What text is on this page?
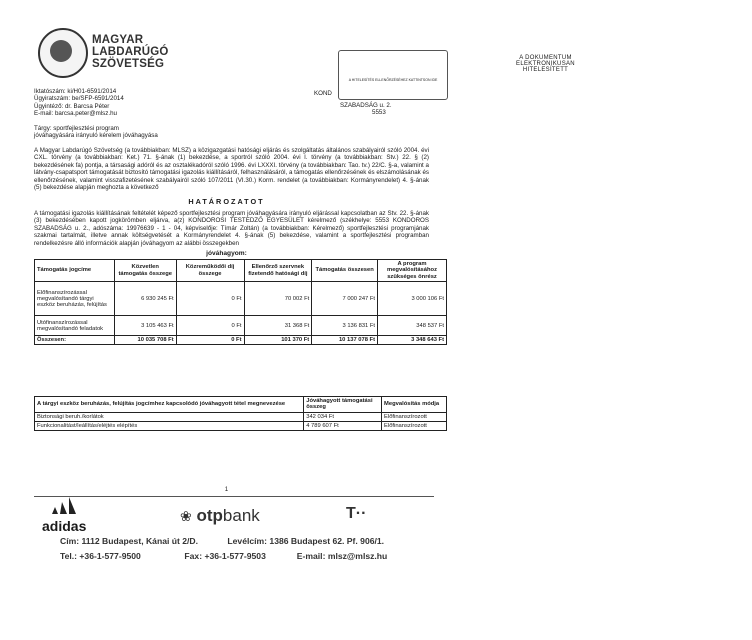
MAGYAR
LABDARÚGÓ
SZÖVETSÉG	A DOKUMENTUM
ELEKTRONIKUSAN
HITELESÍTETT
A HITELESÍTÉS ELLENŐRZÉSÉHEZ KATTINTSON IDE
Iktatószám: ki/H01-6591/2014
Ügyiratszám: be/SFP-6591/2014
Ügyintéző: dr. Barcsa Péter
E-mail: barcsa.peter@mlsz.hu
KOND
SZABADSÁG u. 2.
5553
Tárgy: sportfejlesztési program
jóváhagyására irányuló kérelem jóváhagyása
A Magyar Labdarúgó Szövetség (a továbbiakban: MLSZ) a közigazgatási hatósági eljárás és szolgáltatás általános szabályairól szóló 2004. évi CXL. törvény (a továbbiakban: Ket.) 71. §-ának (1) bekezdése, a sportról szóló 2004. évi I. törvény (a továbbiakban: Stv.) 22. § (2) bekezdésének fa) pontja, a társasági adóról és az osztalékadóról szóló 1996. évi LXXXI. törvény (a továbbiakban: Tao. tv.) 22/C. §-a, valamint a látvány-csapatsport támogatását biztosító támogatási igazolás kiállításáról, felhasználásáról, a támogatás ellenőrzésének és elszámolásának és ellenőrzésének, valamint visszafizetésének szabályairól szóló 107/2011 (VI.30.) Korm. rendelet (a továbbiakban: Kormányrendelet) 4. §-ának (5) bekezdése alapján meghozta a következő
HATÁROZATOT
A támogatási igazolás kiállításának feltételét képező sportfejlesztési program jóváhagyására irányuló eljárással kapcsolatban az Stv. 22. §-ának (3) bekezdésében kapott jogkörömben eljárva, a(z) KONDOROSI TESTEDZŐ EGYESÜLET kérelmező (székhelye: 5553 KONDOROS SZABADSÁG u. 2., adószáma: 19976639 - 1 - 04, képviselője: Tímár Zoltán) (a továbbiakban: Kérelmező) sportfejlesztési programjának szakmai tartalmát, illetve annak költségvetését a Kormányrendelet 4. §-ának (5) bekezdése, valamint a sportfejlesztési programban rendelkezésre álló információk alapján jóváhagyom az alábbi összegekben
jóváhagyom:
Támogatás jogcíme	Közvetlen támogatás összege	Közreműködői díj összege	Ellenőrző szervnek fizetendő hatósági díj	Támogatás összesen	A program megvalósításához szükséges önrész
Előfinanszírozással megvalósítandó tárgyi eszköz beruházás, felújítás	6 930 245 Ft	0 Ft	70 002 Ft	7 000 247 Ft	3 000 106 Ft
Utófinanszírozással megvalósítandó feladatok	3 105 463 Ft	0 Ft	31 368 Ft	3 136 831 Ft	348 537 Ft
Összesen:	10 035 708 Ft	0 Ft	101 370 Ft	10 137 078 Ft	3 348 643 Ft
A tárgyi eszköz beruházás, felújítás jogcímhez kapcsolódó jóváhagyott tétel megnevezése	Jóváhagyott támogatási összeg	Megvalósítás módja
Biztonsági beruh./korlátok	342 034 Ft	Előfinanszírozott
Funkcionalitást/leállítás/eléjtés elépítés	4 789 607 Ft	Előfinanszírozott
1
adidas
❀ otpbank	T··
Cím: 1112 Budapest, Kánai út 2/D.	Levélcím: 1386 Budapest 62. Pf. 906/1.
Tel.: +36-1-577-9500	Fax: +36-1-577-9503	E-mail: mlsz@mlsz.hu
